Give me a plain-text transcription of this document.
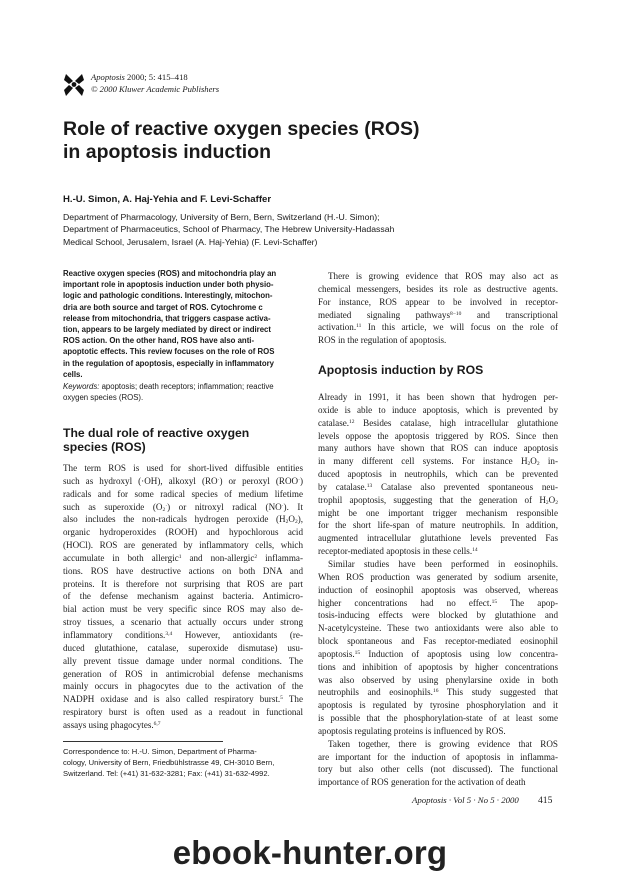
Apoptosis 2000; 5: 415–418
© 2000 Kluwer Academic Publishers
Role of reactive oxygen species (ROS)
in apoptosis induction
H.-U. Simon, A. Haj-Yehia and F. Levi-Schaffer
Department of Pharmacology, University of Bern, Bern, Switzerland (H.-U. Simon);
Department of Pharmaceutics, School of Pharmacy, The Hebrew University-Hadassah
Medical School, Jerusalem, Israel (A. Haj-Yehia) (F. Levi-Schaffer)
Reactive oxygen species (ROS) and mitochondria play an
important role in apoptosis induction under both physio-
logic and pathologic conditions. Interestingly, mitochon-
dria are both source and target of ROS. Cytochrome c
release from mitochondria, that triggers caspase activa-
tion, appears to be largely mediated by direct or indirect
ROS action. On the other hand, ROS have also anti-
apoptotic effects. This review focuses on the role of ROS
in the regulation of apoptosis, especially in inflammatory
cells.
Keywords: apoptosis; death receptors; inflammation; reactive
oxygen species (ROS).
The dual role of reactive oxygen
species (ROS)
The term ROS is used for short-lived diffusible entities
such as hydroxyl (·OH), alkoxyl (RO·) or peroxyl (ROO·)
radicals and for some radical species of medium lifetime
such as superoxide $(O_2^\cdot)$ or nitroxyl radical (NO·). It
also includes the non-radicals hydrogen peroxide $(H_2O_2)$,
organic hydroperoxides (ROOH) and hypochlorous acid
(HOCl). ROS are generated by inflammatory cells, which
accumulate in both allergic$^1$ and non-allergic$^2$ inflamma-
tions. ROS have destructive actions on both DNA and
proteins. It is therefore not surprising that ROS are part
of the defense mechanism against bacteria. Antimicro-
bial action must be very specific since ROS may also de-
stroy tissues, a scenario that actually occurs under strong
inflammatory conditions.$^{3,4}$ However, antioxidants (re-
duced glutathione, catalase, superoxide dismutase) usu-
ally prevent tissue damage under normal conditions. The
generation of ROS in antimicrobial defense mechanisms
mainly occurs in phagocytes due to the activation of the
NADPH oxidase and is also called respiratory burst.$^5$ The
respiratory burst is often used as a readout in functional
assays using phagocytes.$^{6,7}$
Correspondence to: H.-U. Simon, Department of Pharma-
cology, University of Bern, Friedbühlstrasse 49, CH-3010 Bern,
Switzerland. Tel: (+41) 31-632-3281; Fax: (+41) 31-632-4992.
There is growing evidence that ROS may also act as
chemical messengers, besides its role as destructive agents.
For instance, ROS appear to be involved in receptor-
mediated signaling pathways$^{8-10}$ and transcriptional
activation.$^{11}$ In this article, we will focus on the role of
ROS in the regulation of apoptosis.
Apoptosis induction by ROS
Already in 1991, it has been shown that hydrogen per-
oxide is able to induce apoptosis, which is prevented by
catalase.$^{12}$ Besides catalase, high intracellular glutathione
levels oppose the apoptosis triggered by ROS. Since then
many authors have shown that ROS can induce apoptosis
in many different cell systems. For instance $H_2O_2$ in-
duced apoptosis in neutrophils, which can be prevented
by catalase.$^{13}$ Catalase also prevented spontaneous neu-
trophil apoptosis, suggesting that the generation of $H_2O_2$
might be one important trigger mechanism responsible
for the short life-span of mature neutrophils. In addition,
augmented intracellular glutathione levels prevented Fas
receptor-mediated apoptosis in these cells.$^{14}$
Similar studies have been performed in eosinophils.
When ROS production was generated by sodium arsenite,
induction of eosinophil apoptosis was observed, whereas
higher concentrations had no effect.$^{15}$ The apop-
tosis-inducing effects were blocked by glutathione and
N-acetylcysteine. These two antioxidants were also able to
block spontaneous and Fas receptor-mediated eosinophil
apoptosis.$^{15}$ Induction of apoptosis using low concentra-
tions and inhibition of apoptosis by higher concentrations
was also observed by using phenylarsine oxide in both
neutrophils and eosinophils.$^{16}$ This study suggested that
apoptosis is regulated by tyrosine phosphorylation and it
is possible that the phosphorylation-state of at least some
apoptosis regulating proteins is influenced by ROS.
Taken together, there is growing evidence that ROS
are important for the induction of apoptosis in inflamma-
tory but also other cells (not discussed). The functional
importance of ROS generation for the activation of death
Apoptosis · Vol 5 · No 5 · 2000 415
ebook-hunter.org
